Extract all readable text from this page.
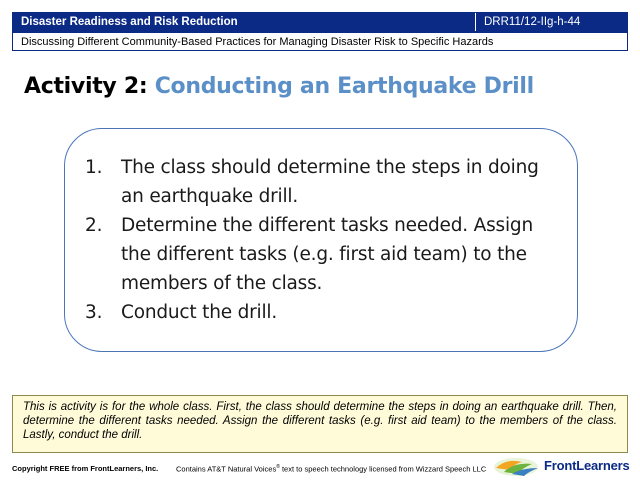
Disaster Readiness and Risk Reduction	DRR11/12-IIg-h-44
Discussing Different Community-Based Practices for Managing Disaster Risk to Specific Hazards
Activity 2: Conducting an Earthquake Drill
1. The class should determine the steps in doing an earthquake drill.
2. Determine the different tasks needed. Assign the different tasks (e.g. first aid team) to the members of the class.
3. Conduct the drill.
This is activity is for the whole class. First, the class should determine the steps in doing an earthquake drill. Then, determine the different tasks needed. Assign the different tasks (e.g. first aid team) to the members of the class. Lastly, conduct the drill.
Copyright FREE from FrontLearners, Inc. Contains AT&T Natural Voices® text to speech technology licensed from Wizzard Speech LLC	FrontLearners
